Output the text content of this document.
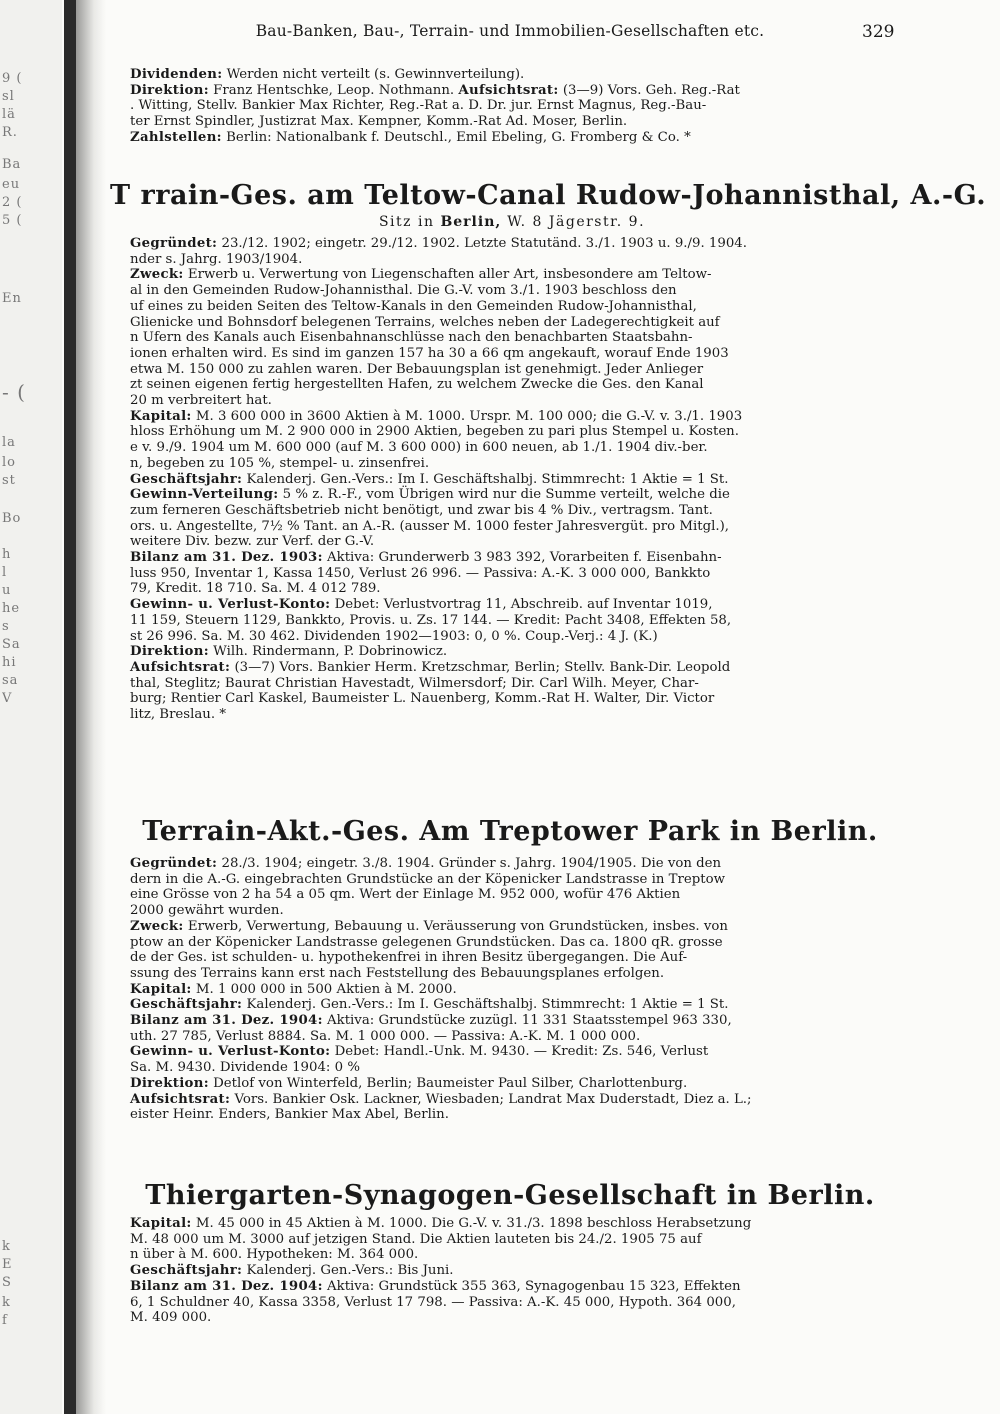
9 (
sl
lä
R.
Ba
eu
2 (
5 (
En
- (
la
lo
st
Bo
h
l
u
he
s
Sa
hi
sa
V
k
E
S
k
f
Bau-Banken, Bau-, Terrain- und Immobilien-Gesellschaften etc.	329
Dividenden: Werden nicht verteilt (s. Gewinnverteilung).
Direktion: Franz Hentschke, Leop. Nothmann. Aufsichtsrat: (3—9) Vors. Geh. Reg.-Rat
. Witting, Stellv. Bankier Max Richter, Reg.-Rat a. D. Dr. jur. Ernst Magnus, Reg.-Bau-
ter Ernst Spindler, Justizrat Max. Kempner, Komm.-Rat Ad. Moser, Berlin.
Zahlstellen: Berlin: Nationalbank f. Deutschl., Emil Ebeling, G. Fromberg & Co. *
T rrain-Ges. am Teltow-Canal Rudow-Johannisthal, A.-G.
Sitz in Berlin, W. 8 Jägerstr. 9.
Gegründet: 23./12. 1902; eingetr. 29./12. 1902. Letzte Statutänd. 3./1. 1903 u. 9./9. 1904.
nder s. Jahrg. 1903/1904.
Zweck: Erwerb u. Verwertung von Liegenschaften aller Art, insbesondere am Teltow-
al in den Gemeinden Rudow-Johannisthal. Die G.-V. vom 3./1. 1903 beschloss den
uf eines zu beiden Seiten des Teltow-Kanals in den Gemeinden Rudow-Johannisthal,
Glienicke und Bohnsdorf belegenen Terrains, welches neben der Ladegerechtigkeit auf
n Ufern des Kanals auch Eisenbahnanschlüsse nach den benachbarten Staatsbahn-
ionen erhalten wird. Es sind im ganzen 157 ha 30 a 66 qm angekauft, worauf Ende 1903
etwa M. 150 000 zu zahlen waren. Der Bebauungsplan ist genehmigt. Jeder Anlieger
zt seinen eigenen fertig hergestellten Hafen, zu welchem Zwecke die Ges. den Kanal
20 m verbreitert hat.
Kapital: M. 3 600 000 in 3600 Aktien à M. 1000. Urspr. M. 100 000; die G.-V. v. 3./1. 1903
hloss Erhöhung um M. 2 900 000 in 2900 Aktien, begeben zu pari plus Stempel u. Kosten.
e v. 9./9. 1904 um M. 600 000 (auf M. 3 600 000) in 600 neuen, ab 1./1. 1904 div.-ber.
n, begeben zu 105 %, stempel- u. zinsenfrei.
Geschäftsjahr: Kalenderj. Gen.-Vers.: Im I. Geschäftshalbj. Stimmrecht: 1 Aktie = 1 St.
Gewinn-Verteilung: 5 % z. R.-F., vom Übrigen wird nur die Summe verteilt, welche die
zum ferneren Geschäftsbetrieb nicht benötigt, und zwar bis 4 % Div., vertragsm. Tant.
ors. u. Angestellte, 7½ % Tant. an A.-R. (ausser M. 1000 fester Jahresvergüt. pro Mitgl.),
weitere Div. bezw. zur Verf. der G.-V.
Bilanz am 31. Dez. 1903: Aktiva: Grunderwerb 3 983 392, Vorarbeiten f. Eisenbahn-
luss 950, Inventar 1, Kassa 1450, Verlust 26 996. — Passiva: A.-K. 3 000 000, Bankkto
79, Kredit. 18 710. Sa. M. 4 012 789.
Gewinn- u. Verlust-Konto: Debet: Verlustvortrag 11, Abschreib. auf Inventar 1019,
11 159, Steuern 1129, Bankkto, Provis. u. Zs. 17 144. — Kredit: Pacht 3408, Effekten 58,
st 26 996. Sa. M. 30 462. Dividenden 1902—1903: 0, 0 %. Coup.-Verj.: 4 J. (K.)
Direktion: Wilh. Rindermann, P. Dobrinowicz.
Aufsichtsrat: (3—7) Vors. Bankier Herm. Kretzschmar, Berlin; Stellv. Bank-Dir. Leopold
thal, Steglitz; Baurat Christian Havestadt, Wilmersdorf; Dir. Carl Wilh. Meyer, Char-
burg; Rentier Carl Kaskel, Baumeister L. Nauenberg, Komm.-Rat H. Walter, Dir. Victor
litz, Breslau. *
Terrain-Akt.-Ges. Am Treptower Park in Berlin.
Gegründet: 28./3. 1904; eingetr. 3./8. 1904. Gründer s. Jahrg. 1904/1905. Die von den
dern in die A.-G. eingebrachten Grundstücke an der Köpenicker Landstrasse in Treptow
eine Grösse von 2 ha 54 a 05 qm. Wert der Einlage M. 952 000, wofür 476 Aktien
2000 gewährt wurden.
Zweck: Erwerb, Verwertung, Bebauung u. Veräusserung von Grundstücken, insbes. von
ptow an der Köpenicker Landstrasse gelegenen Grundstücken. Das ca. 1800 qR. grosse
de der Ges. ist schulden- u. hypothekenfrei in ihren Besitz übergegangen. Die Auf-
ssung des Terrains kann erst nach Feststellung des Bebauungsplanes erfolgen.
Kapital: M. 1 000 000 in 500 Aktien à M. 2000.
Geschäftsjahr: Kalenderj. Gen.-Vers.: Im I. Geschäftshalbj. Stimmrecht: 1 Aktie = 1 St.
Bilanz am 31. Dez. 1904: Aktiva: Grundstücke zuzügl. 11 331 Staatsstempel 963 330,
uth. 27 785, Verlust 8884. Sa. M. 1 000 000. — Passiva: A.-K. M. 1 000 000.
Gewinn- u. Verlust-Konto: Debet: Handl.-Unk. M. 9430. — Kredit: Zs. 546, Verlust
Sa. M. 9430. Dividende 1904: 0 %
Direktion: Detlof von Winterfeld, Berlin; Baumeister Paul Silber, Charlottenburg.
Aufsichtsrat: Vors. Bankier Osk. Lackner, Wiesbaden; Landrat Max Duderstadt, Diez a. L.;
eister Heinr. Enders, Bankier Max Abel, Berlin.
Thiergarten-Synagogen-Gesellschaft in Berlin.
Kapital: M. 45 000 in 45 Aktien à M. 1000. Die G.-V. v. 31./3. 1898 beschloss Herabsetzung
M. 48 000 um M. 3000 auf jetzigen Stand. Die Aktien lauteten bis 24./2. 1905 75 auf
n über à M. 600. Hypotheken: M. 364 000.
Geschäftsjahr: Kalenderj. Gen.-Vers.: Bis Juni.
Bilanz am 31. Dez. 1904: Aktiva: Grundstück 355 363, Synagogenbau 15 323, Effekten
6, 1 Schuldner 40, Kassa 3358, Verlust 17 798. — Passiva: A.-K. 45 000, Hypoth. 364 000,
M. 409 000.
